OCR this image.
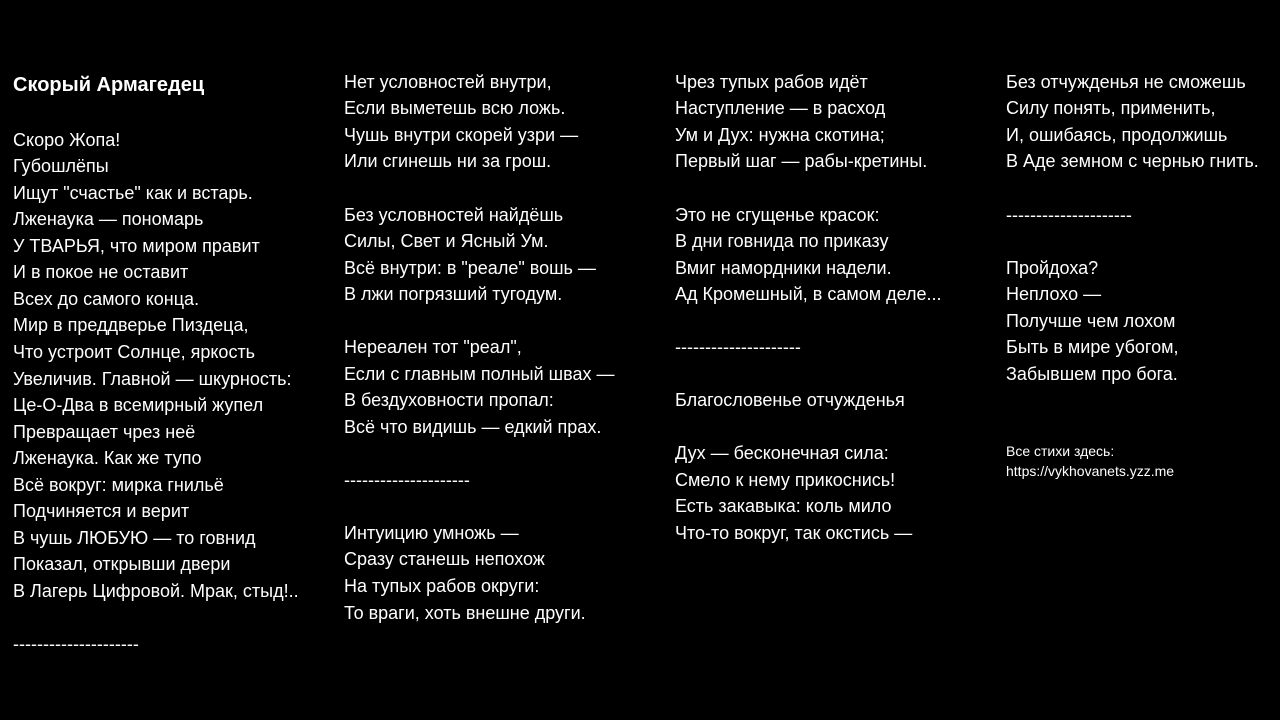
Скорый Армагедец
Скоро Жопа!
Губошлёпы
Ищут "счастье" как и встарь.
Лженаука — пономарь
У ТВАРЬЯ, что миром правит
И в покое не оставит
Всех до самого конца.
Мир в преддверье Пиздеца,
Что устроит Солнце, яркость
Увеличив. Главной — шкурность:
Це-О-Два в всемирный жупел
Превращает чрез неё
Лженаука. Как же тупо
Всё вокруг: мирка гнильё
Подчиняется и верит
В чушь ЛЮБУЮ — то говнид
Показал, открывши двери
В Лагерь Цифровой. Мрак, стыд!..
---------------------
Нет условностей внутри,
Если выметешь всю ложь.
Чушь внутри скорей узри —
Или сгинешь ни за грош.
Без условностей найдёшь
Силы, Свет и Ясный Ум.
Всё внутри: в "реале" вошь —
В лжи погрязший тугодум.
Нереален тот "реал",
Если с главным полный швах —
В бездуховности пропал:
Всё что видишь — едкий прах.
---------------------
Интуицию умножь —
Сразу станешь непохож
На тупых рабов округи:
То враги, хоть внешне други.
Чрез тупых рабов идёт
Наступление — в расход
Ум и Дух: нужна скотина;
Первый шаг — рабы-кретины.
Это не сгущенье красок:
В дни говнида по приказу
Вмиг намордники надели.
Ад Кромешный, в самом деле...
---------------------
Благословенье отчужденья
Дух — бесконечная сила:
Смело к нему прикоснись!
Есть закавыка: коль мило
Что-то вокруг, так окстись —
Без отчужденья не сможешь
Силу понять, применить,
И, ошибаясь, продолжишь
В Аде земном с чернью гнить.
---------------------
Пройдоха?
Неплохо —
Получше чем лохом
Быть в мире убогом,
Забывшем про бога.
Все стихи здесь:
https://vykhovanets.yzz.me
